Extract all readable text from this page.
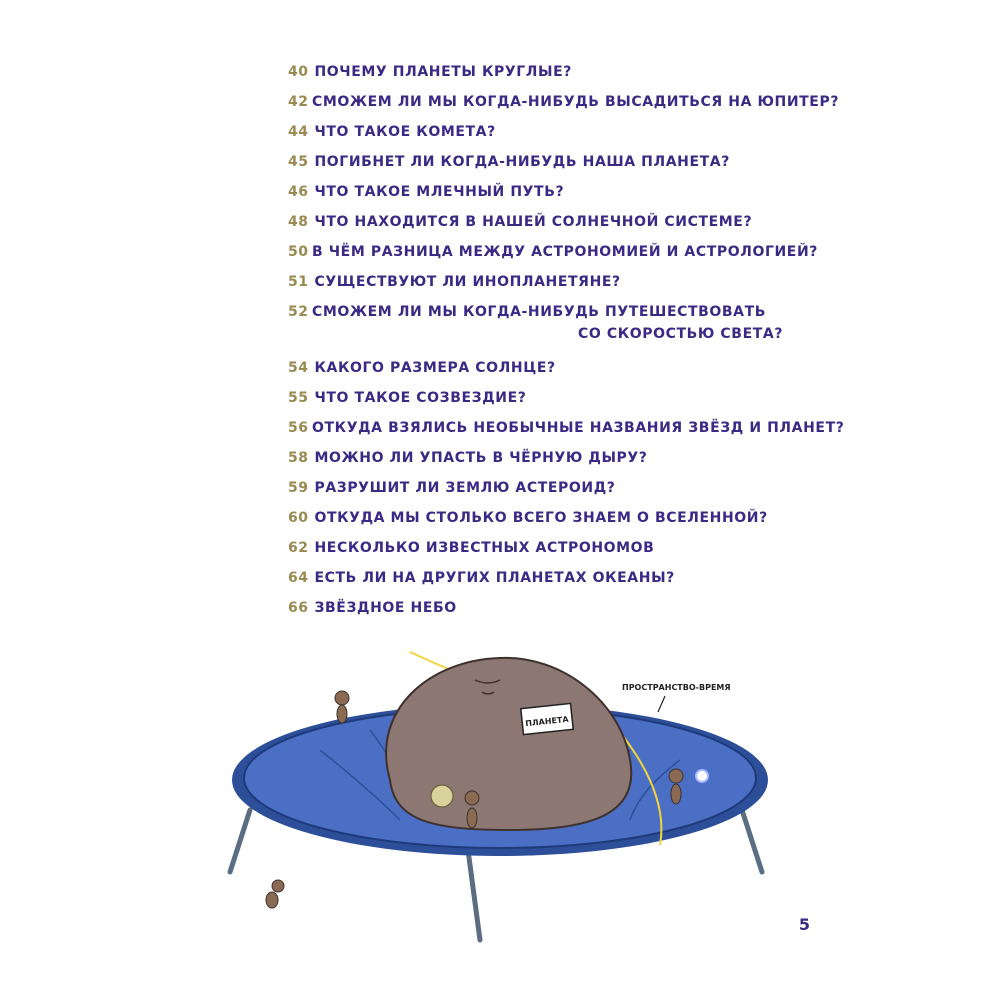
40 ПОЧЕМУ ПЛАНЕТЫ КРУГЛЫЕ?
42 СМОЖЕМ ЛИ МЫ КОГДА-НИБУДЬ ВЫСАДИТЬСЯ НА ЮПИТЕР?
44 ЧТО ТАКОЕ КОМЕТА?
45 ПОГИБНЕТ ЛИ КОГДА-НИБУДЬ НАША ПЛАНЕТА?
46 ЧТО ТАКОЕ МЛЕЧНЫЙ ПУТЬ?
48 ЧТО НАХОДИТСЯ В НАШЕЙ СОЛНЕЧНОЙ СИСТЕМЕ?
50 В ЧЁМ РАЗНИЦА МЕЖДУ АСТРОНОМИЕЙ И АСТРОЛОГИЕЙ?
51 СУЩЕСТВУЮТ ЛИ ИНОПЛАНЕТЯНЕ?
52 СМОЖЕМ ЛИ МЫ КОГДА-НИБУДЬ ПУТЕШЕСТВОВАТЬ
СО СКОРОСТЬЮ СВЕТА?
54 КАКОГО РАЗМЕРА СОЛНЦЕ?
55 ЧТО ТАКОЕ СОЗВЕЗДИЕ?
56 ОТКУДА ВЗЯЛИСЬ НЕОБЫЧНЫЕ НАЗВАНИЯ ЗВЁЗД И ПЛАНЕТ?
58 МОЖНО ЛИ УПАСТЬ В ЧЁРНУЮ ДЫРУ?
59 РАЗРУШИТ ЛИ ЗЕМЛЮ АСТЕРОИД?
60 ОТКУДА МЫ СТОЛЬКО ВСЕГО ЗНАЕМ О ВСЕЛЕННОЙ?
62 НЕСКОЛЬКО ИЗВЕСТНЫХ АСТРОНОМОВ
64 ЕСТЬ ЛИ НА ДРУГИХ ПЛАНЕТАХ ОКЕАНЫ?
66 ЗВЁЗДНОЕ НЕБО
ПЛАНЕТА
ПРОСТРАНСТВО-ВРЕМЯ
5
